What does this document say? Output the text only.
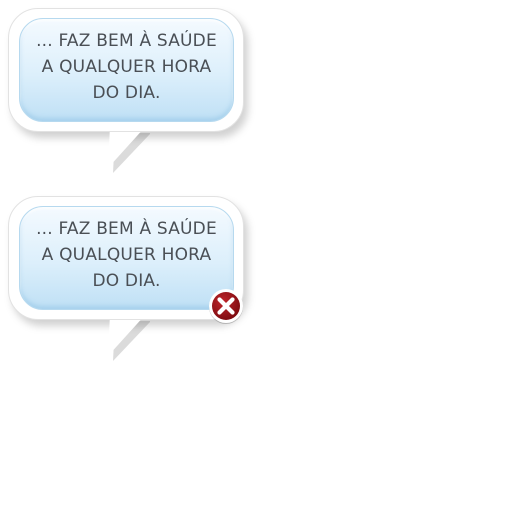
... FAZ BEM À SAÚDE
A QUALQUER HORA
DO DIA.
... FAZ BEM À SAÚDE
A QUALQUER HORA
DO DIA.
